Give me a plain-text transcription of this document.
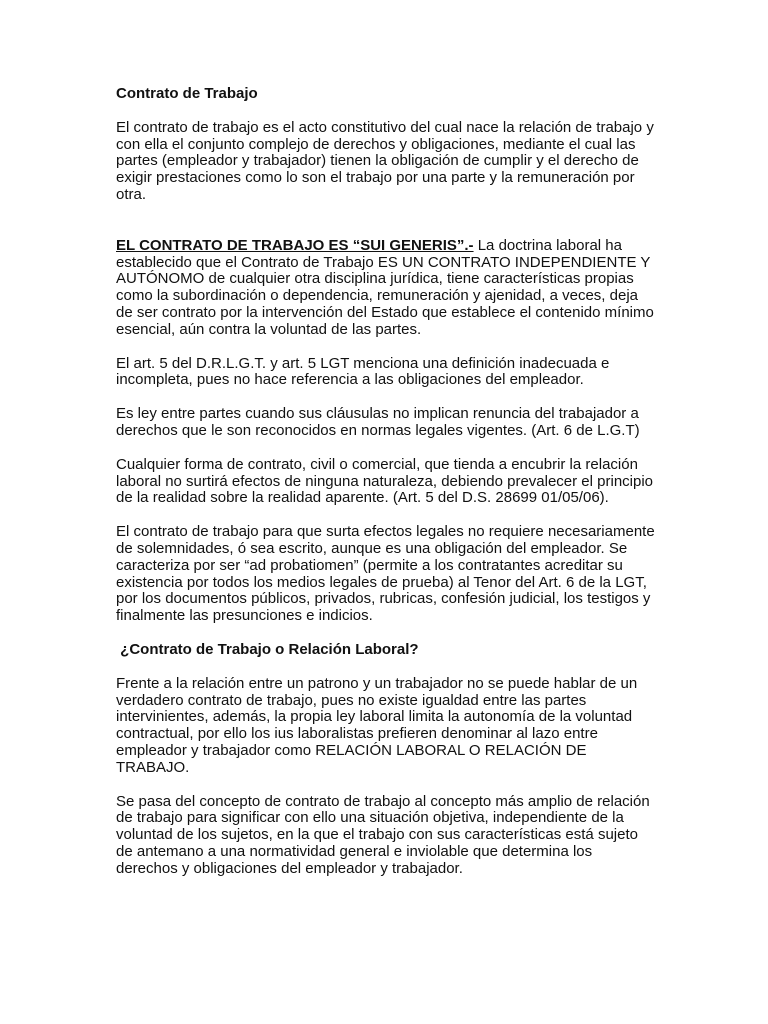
Contrato de Trabajo

El contrato de trabajo es el acto constitutivo del cual nace la relación de trabajo y con ella el conjunto complejo de derechos y obligaciones, mediante el cual las partes (empleador y trabajador) tienen la obligación de cumplir y el derecho de exigir prestaciones como lo son el trabajo por una parte y la remuneración por otra.

EL CONTRATO DE TRABAJO ES “SUI GENERIS”.- La doctrina laboral ha establecido que el Contrato de Trabajo ES UN CONTRATO INDEPENDIENTE Y AUTÓNOMO de cualquier otra disciplina jurídica, tiene características propias como la subordinación o dependencia, remuneración y ajenidad, a veces, deja de ser contrato por la intervención del Estado que establece el contenido mínimo esencial, aún contra la voluntad de las partes.

El art. 5 del D.R.L.G.T. y art. 5 LGT menciona una definición inadecuada e incompleta, pues no hace referencia a las obligaciones del empleador.

Es ley entre partes cuando sus cláusulas no implican renuncia del trabajador a derechos que le son reconocidos en normas legales vigentes. (Art. 6 de L.G.T)

Cualquier forma de contrato, civil o comercial, que tienda a encubrir la relación laboral no surtirá efectos de ninguna naturaleza, debiendo prevalecer el principio de la realidad sobre la realidad aparente. (Art. 5 del D.S. 28699 01/05/06).

El contrato de trabajo para que surta efectos legales no requiere necesariamente de solemnidades, ó sea escrito, aunque es una obligación del empleador. Se caracteriza por ser “ad probatiomen” (permite a los contratantes acreditar su existencia por todos los medios legales de prueba) al Tenor del Art. 6 de la LGT, por los documentos públicos, privados, rubricas, confesión judicial, los testigos y finalmente las presunciones e indicios.

¿Contrato de Trabajo o Relación Laboral?

Frente a la relación entre un patrono y un trabajador no se puede hablar de un verdadero contrato de trabajo, pues no existe igualdad entre las partes intervinientes, además, la propia ley laboral limita la autonomía de la voluntad contractual, por ello los ius laboralistas prefieren denominar al lazo entre empleador y trabajador como RELACIÓN LABORAL O RELACIÓN DE TRABAJO.

Se pasa del concepto de contrato de trabajo al concepto más amplio de relación de trabajo para significar con ello una situación objetiva, independiente de la voluntad de los sujetos, en la que el trabajo con sus características está sujeto de antemano a una normatividad general e inviolable que determina los derechos y obligaciones del empleador y trabajador.
